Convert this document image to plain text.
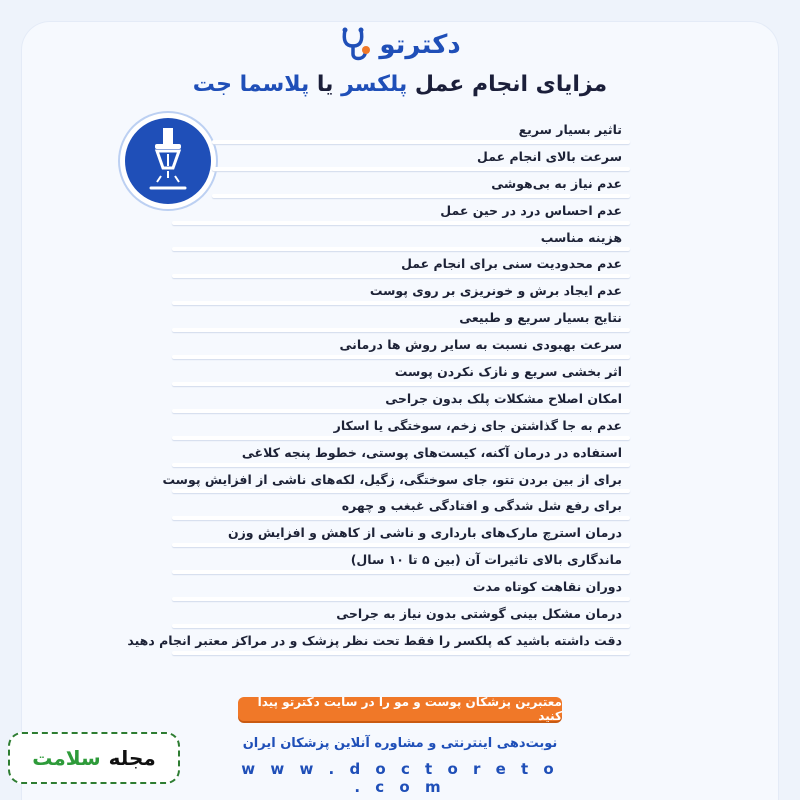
دکترتو
مزایای انجام عمل پلکسر یا پلاسما جت
تاثیر بسیار سریع
سرعت بالای انجام عمل
عدم نیاز به بی‌هوشی
عدم احساس درد در حین عمل
هزینه مناسب
عدم محدودیت سنی برای انجام عمل
عدم ایجاد برش و خونریزی بر روی پوست
نتایج بسیار سریع و طبیعی
سرعت بهبودی نسبت به سایر روش ها درمانی
اثر بخشی سریع و نازک نکردن پوست
امکان اصلاح مشکلات پلک بدون جراحی
عدم به جا گذاشتن جای زخم، سوختگی یا اسکار
استفاده در درمان آکنه، کیست‌های پوستی، خطوط پنجه کلاغی
برای از بین بردن تتو، جای سوختگی، زگیل، لکه‌های ناشی از افزایش پوست
برای رفع شل شدگی و افتادگی غبغب و چهره
درمان استرچ مارک‌های بارداری و ناشی از کاهش و افزایش وزن
ماندگاری بالای تاثیرات آن (بین ۵ تا ۱۰ سال)
دوران نقاهت کوتاه مدت
درمان مشکل بینی گوشتی بدون نیاز به جراحی
دقت داشته باشید که پلکسر را فقط تحت نظر پزشک و در مراکز معتبر انجام دهید
معتبرین پزشکان پوست و مو را در سایت دکترتو پیدا کنید
نوبت‌دهی اینترنتی و مشاوره آنلاین پزشکان ایران
w w w . d o c t o r e t o . c o m
مجله
سلامت
